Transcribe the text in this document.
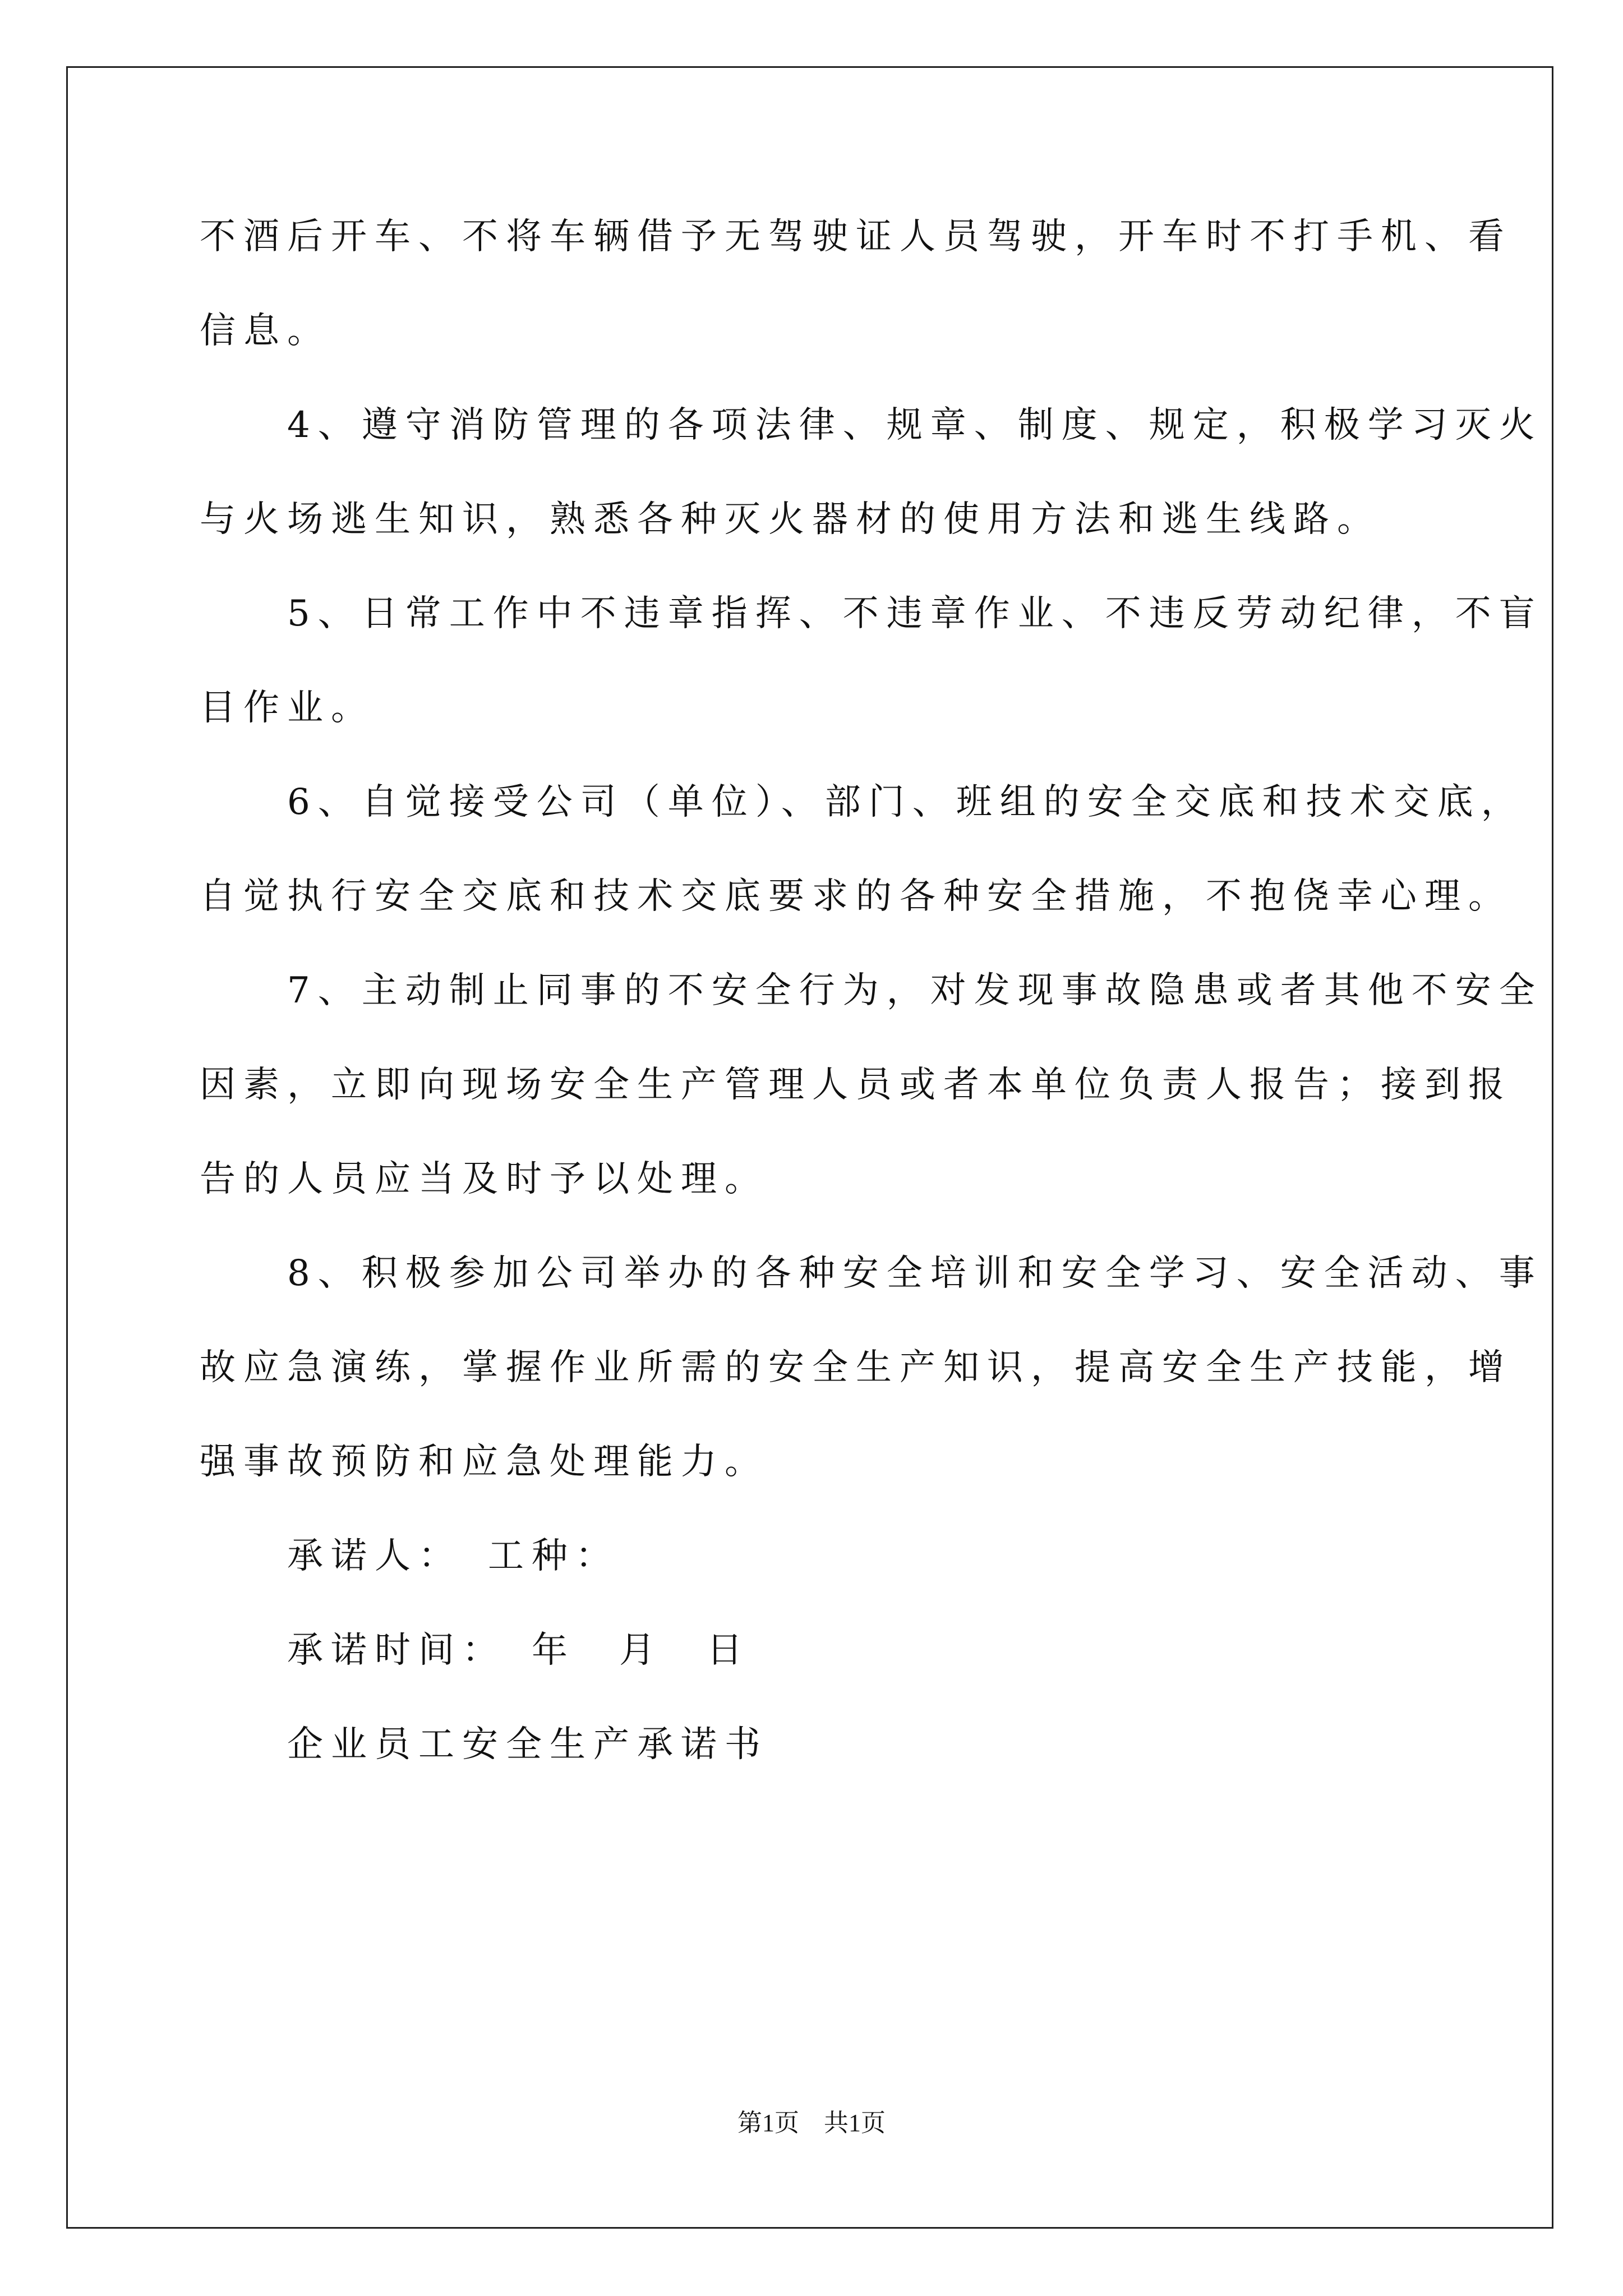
不酒后开车、不将车辆借予无驾驶证人员驾驶，开车时不打手机、看
信息。
　　4、遵守消防管理的各项法律、规章、制度、规定，积极学习灭火
与火场逃生知识，熟悉各种灭火器材的使用方法和逃生线路。
　　5、日常工作中不违章指挥、不违章作业、不违反劳动纪律，不盲
目作业。
　　6、自觉接受公司（单位）、部门、班组的安全交底和技术交底，
自觉执行安全交底和技术交底要求的各种安全措施，不抱侥幸心理。
　　7、主动制止同事的不安全行为，对发现事故隐患或者其他不安全
因素，立即向现场安全生产管理人员或者本单位负责人报告；接到报
告的人员应当及时予以处理。
　　8、积极参加公司举办的各种安全培训和安全学习、安全活动、事
故应急演练，掌握作业所需的安全生产知识，提高安全生产技能，增
强事故预防和应急处理能力。
　　承诺人：　工种：
　　承诺时间：　年　月　日
　　企业员工安全生产承诺书
第1页　共1页
